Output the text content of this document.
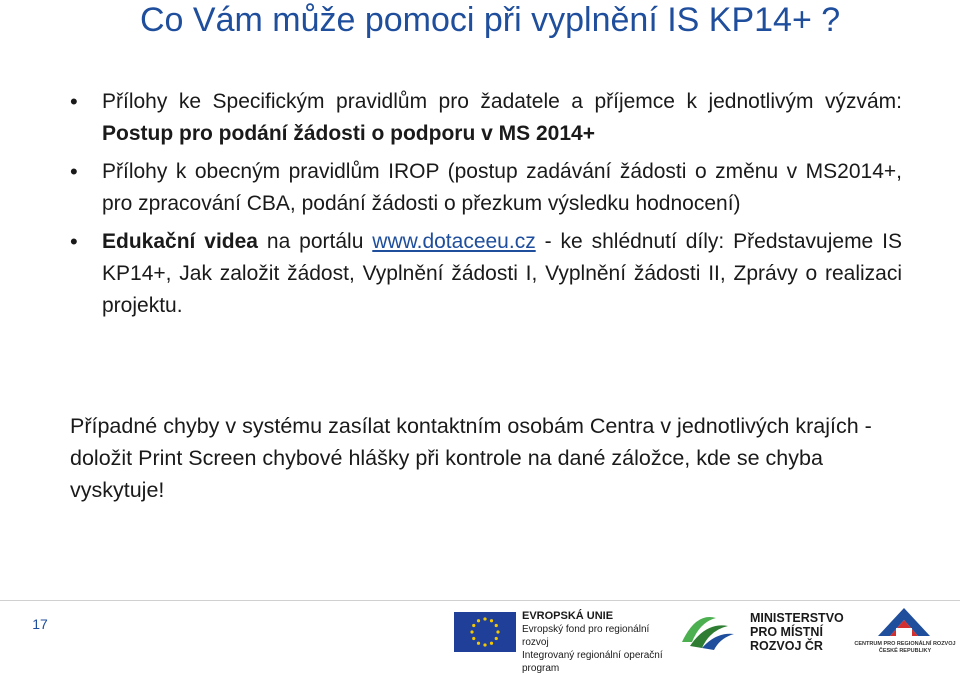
Co Vám může pomoci při vyplnění IS KP14+ ?
• Přílohy ke Specifickým pravidlům pro žadatele a příjemce k jednotlivým výzvám: Postup pro podání žádosti o podporu v MS 2014+
• Přílohy k obecným pravidlům IROP (postup zadávání žádosti o změnu v MS2014+, pro zpracování CBA, podání žádosti o přezkum výsledku hodnocení)
• Edukační videa na portálu www.dotaceeu.cz - ke shlédnutí díly: Představujeme IS KP14+, Jak založit žádost, Vyplnění žádosti I, Vyplnění žádosti II, Zprávy o realizaci projektu.
Případné chyby v systému zasílat kontaktním osobám Centra v jednotlivých krajích - doložit Print Screen chybové hlášky při kontrole na dané záložce, kde se chyba vyskytuje!
17	EVROPSKÁ UNIE
Evropský fond pro regionální rozvoj
Integrovaný regionální operační program
MINISTERSTVO
PRO MÍSTNÍ
ROZVOJ ČR	CENTRUM PRO REGIONÁLNÍ ROZVOJ
ČESKÉ REPUBLIKY
